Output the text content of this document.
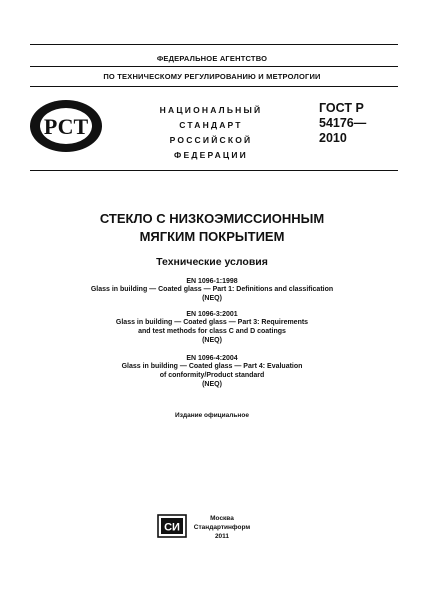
ФЕДЕРАЛЬНОЕ АГЕНТСТВО
ПО ТЕХНИЧЕСКОМУ РЕГУЛИРОВАНИЮ И МЕТРОЛОГИИ
РСТ
НАЦИОНАЛЬНЫЙ
СТАНДАРТ
РОССИЙСКОЙ
ФЕДЕРАЦИИ
ГОСТ Р
54176—
2010
СТЕКЛО С НИЗКОЭМИССИОННЫМ
МЯГКИМ ПОКРЫТИЕМ
Технические условия
EN 1096-1:1998
Glass in building — Coated glass — Part 1: Definitions and classification
(NEQ)
EN 1096-3:2001
Glass in building — Coated glass — Part 3: Requirements
and test methods for class C and D coatings
(NEQ)
EN 1096-4:2004
Glass in building — Coated glass — Part 4: Evaluation
of conformity/Product standard
(NEQ)
Издание официальное
СИ
Москва
Стандартинформ
2011
